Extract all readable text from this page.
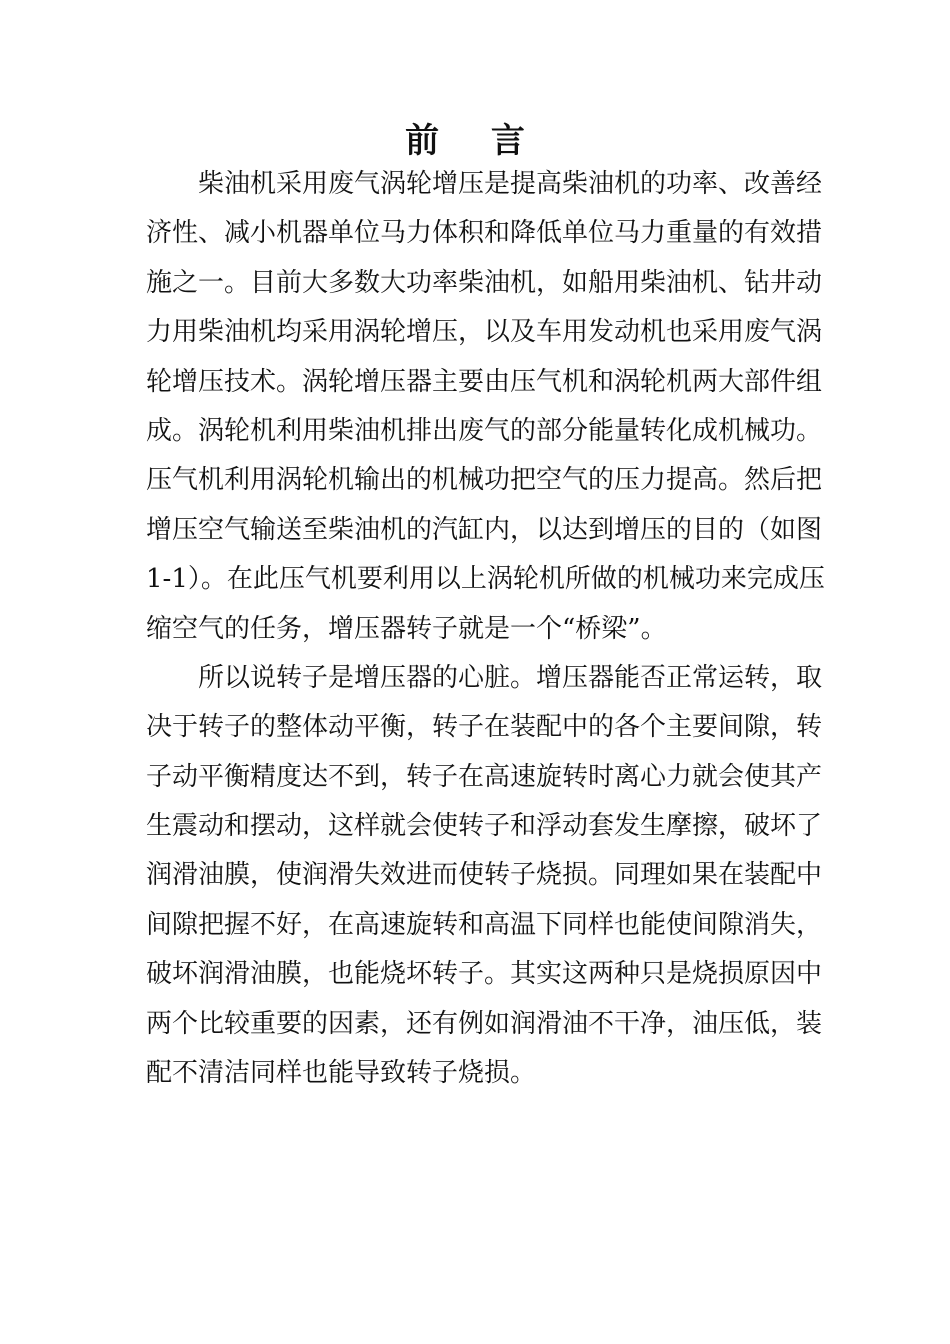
前 言

柴油机采用废气涡轮增压是提高柴油机的功率、改善经

济性、减小机器单位马力体积和降低单位马力重量的有效措

施之一。目前大多数大功率柴油机，如船用柴油机、钻井动

力用柴油机均采用涡轮增压，以及车用发动机也采用废气涡

轮增压技术。涡轮增压器主要由压气机和涡轮机两大部件组

成。涡轮机利用柴油机排出废气的部分能量转化成机械功。

压气机利用涡轮机输出的机械功把空气的压力提高。然后把

增压空气输送至柴油机的汽缸内，以达到增压的目的（如图

1-1）。在此压气机要利用以上涡轮机所做的机械功来完成压

缩空气的任务，增压器转子就是一个“桥梁”。

所以说转子是增压器的心脏。增压器能否正常运转，取

决于转子的整体动平衡，转子在装配中的各个主要间隙，转

子动平衡精度达不到，转子在高速旋转时离心力就会使其产

生震动和摆动，这样就会使转子和浮动套发生摩擦，破坏了

润滑油膜，使润滑失效进而使转子烧损。同理如果在装配中

间隙把握不好，在高速旋转和高温下同样也能使间隙消失，

破坏润滑油膜，也能烧坏转子。其实这两种只是烧损原因中

两个比较重要的因素，还有例如润滑油不干净，油压低，装

配不清洁同样也能导致转子烧损。
